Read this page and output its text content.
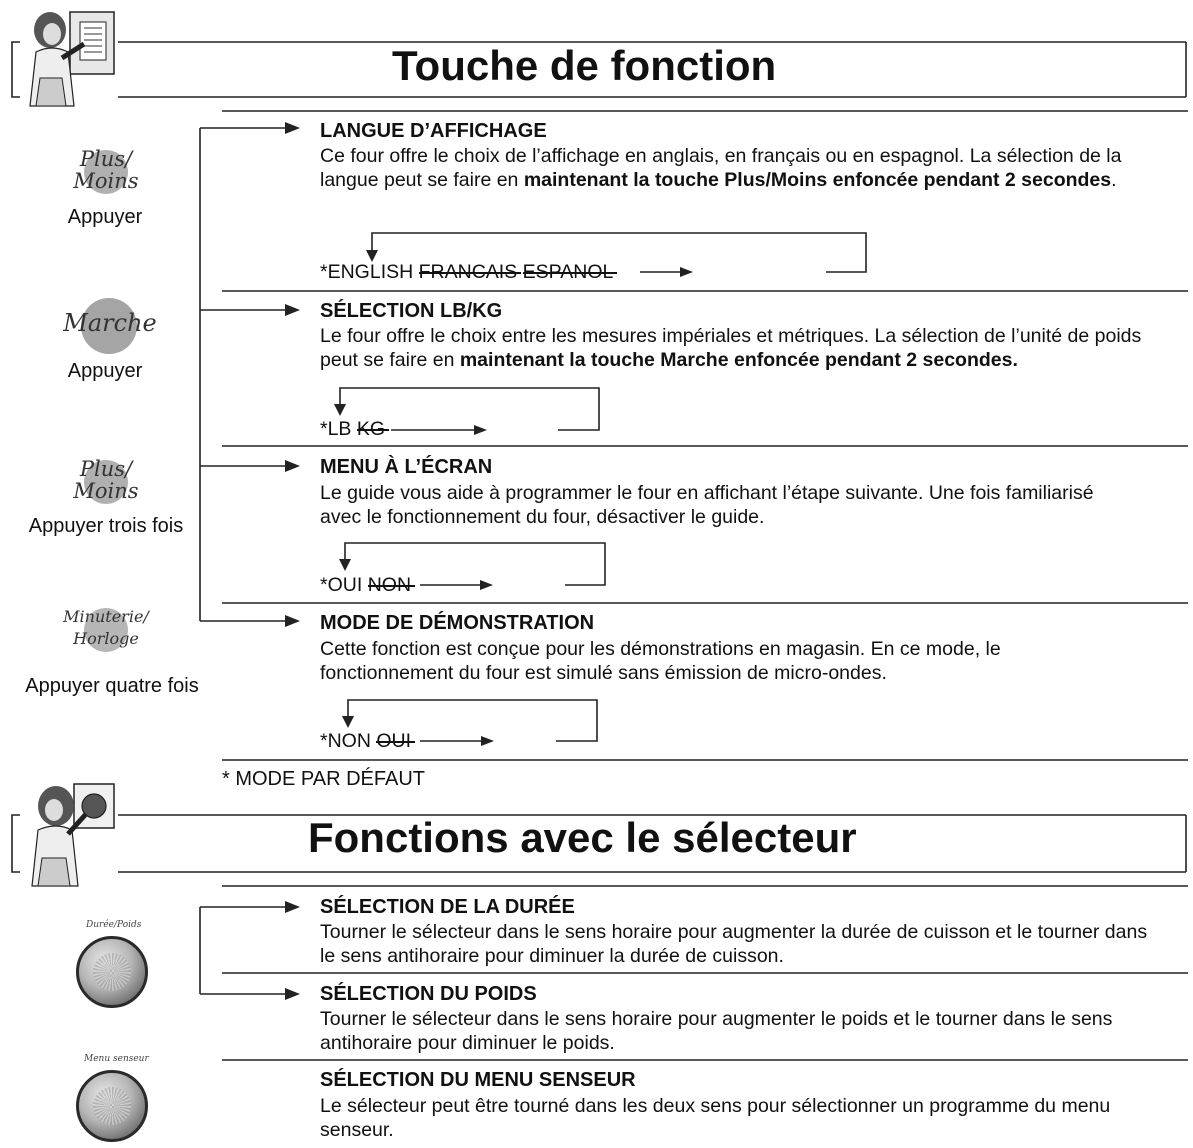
Touche de fonction
Plus/
Moins
Appuyer
Marche
Appuyer
Plus/
Moins
Appuyer trois fois
Minuterie/
Horloge
Appuyer quatre fois
LANGUE D’AFFICHAGE
Ce four offre le choix de l’affichage en anglais, en français ou en espagnol. La sélection de la langue peut se faire en maintenant la touche Plus/Moins enfoncée pendant 2 secondes.
*ENGLISH FRANCAIS ESPANOL
SÉLECTION LB/KG
Le four offre le choix entre les mesures impériales et métriques. La sélection de l’unité de poids peut se faire en maintenant la touche Marche enfoncée pendant 2 secondes.
*LB KG
MENU À L’ÉCRAN
Le guide vous aide à programmer le four en affichant l’étape suivante. Une fois familiarisé avec le fonctionnement du four, désactiver le guide.
*OUI NON
MODE DE DÉMONSTRATION
Cette fonction est conçue pour les démonstrations en magasin. En ce mode, le fonctionnement du four est simulé sans émission de micro-ondes.
*NON OUI
* MODE PAR DÉFAUT
Fonctions avec le sélecteur
Durée/Poids
Menu senseur
SÉLECTION DE LA DURÉE
Tourner le sélecteur dans le sens horaire pour augmenter la durée de cuisson et le tourner dans le sens antihoraire pour diminuer la durée de cuisson.
SÉLECTION DU POIDS
Tourner le sélecteur dans le sens horaire pour augmenter le poids et le tourner dans le sens antihoraire pour diminuer le poids.
SÉLECTION DU MENU SENSEUR
Le sélecteur peut être tourné dans les deux sens pour sélectionner un programme du menu senseur.
